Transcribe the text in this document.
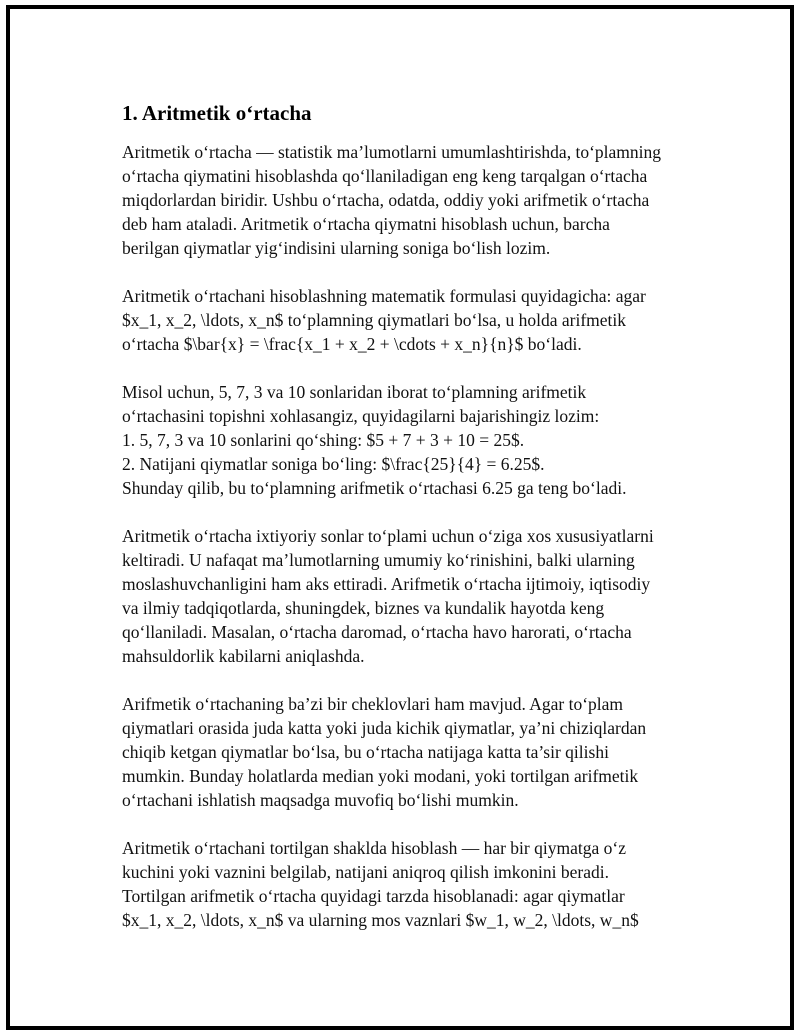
1. Aritmetik o‘rtacha
Aritmetik o‘rtacha — statistik ma’lumotlarni umumlashtirishda, to‘plamning
o‘rtacha qiymatini hisoblashda qo‘llaniladigan eng keng tarqalgan o‘rtacha
miqdorlardan biridir. Ushbu o‘rtacha, odatda, oddiy yoki arifmetik o‘rtacha
deb ham ataladi. Aritmetik o‘rtacha qiymatni hisoblash uchun, barcha
berilgan qiymatlar yig‘indisini ularning soniga bo‘lish lozim.
Aritmetik o‘rtachani hisoblashning matematik formulasi quyidagicha: agar
$x_1, x_2, \ldots, x_n$ to‘plamning qiymatlari bo‘lsa, u holda arifmetik
o‘rtacha $\bar{x} = \frac{x_1 + x_2 + \cdots + x_n}{n}$ bo‘ladi.
Misol uchun, 5, 7, 3 va 10 sonlaridan iborat to‘plamning arifmetik
o‘rtachasini topishni xohlasangiz, quyidagilarni bajarishingiz lozim:
1. 5, 7, 3 va 10 sonlarini qo‘shing: $5 + 7 + 3 + 10 = 25$.
2. Natijani qiymatlar soniga bo‘ling: $\frac{25}{4} = 6.25$.
Shunday qilib, bu to‘plamning arifmetik o‘rtachasi 6.25 ga teng bo‘ladi.
Aritmetik o‘rtacha ixtiyoriy sonlar to‘plami uchun o‘ziga xos xususiyatlarni
keltiradi. U nafaqat ma’lumotlarning umumiy ko‘rinishini, balki ularning
moslashuvchanligini ham aks ettiradi. Arifmetik o‘rtacha ijtimoiy, iqtisodiy
va ilmiy tadqiqotlarda, shuningdek, biznes va kundalik hayotda keng
qo‘llaniladi. Masalan, o‘rtacha daromad, o‘rtacha havo harorati, o‘rtacha
mahsuldorlik kabilarni aniqlashda.
Arifmetik o‘rtachaning ba’zi bir cheklovlari ham mavjud. Agar to‘plam
qiymatlari orasida juda katta yoki juda kichik qiymatlar, ya’ni chiziqlardan
chiqib ketgan qiymatlar bo‘lsa, bu o‘rtacha natijaga katta ta’sir qilishi
mumkin. Bunday holatlarda median yoki modani, yoki tortilgan arifmetik
o‘rtachani ishlatish maqsadga muvofiq bo‘lishi mumkin.
Aritmetik o‘rtachani tortilgan shaklda hisoblash — har bir qiymatga o‘z
kuchini yoki vaznini belgilab, natijani aniqroq qilish imkonini beradi.
Tortilgan arifmetik o‘rtacha quyidagi tarzda hisoblanadi: agar qiymatlar
$x_1, x_2, \ldots, x_n$ va ularning mos vaznlari $w_1, w_2, \ldots, w_n$
